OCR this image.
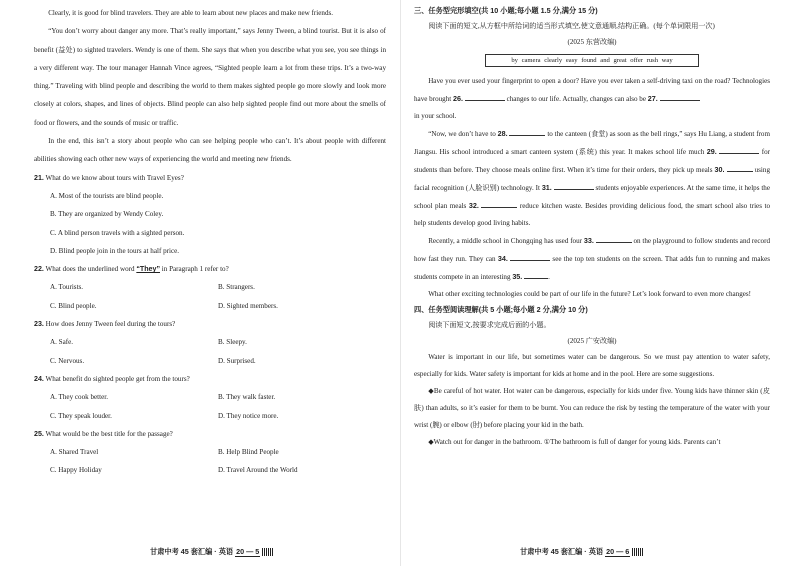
Clearly, it is good for blind travelers. They are able to learn about new places and make new friends.

“You don’t worry about danger any more. That’s really important,” says Jenny Tween, a blind tourist. But it is also of benefit (益处) to sighted travelers. Wendy is one of them. She says that when you describe what you see, you see things in a very different way. The tour manager Hannah Vince agrees, “Sighted people learn a lot from these trips. It’s a two-way thing.” Traveling with blind people and describing the world to them makes sighted people go more slowly and look more closely at colors, shapes, and lines of objects. Blind people can also help sighted people find out more about the smells of food or flowers, and the sounds of music or traffic.

In the end, this isn’t a story about people who can see helping people who can’t. It’s about people with different abilities showing each other new ways of experiencing the world and meeting new friends.

21. What do we know about tours with Travel Eyes?

A. Most of the tourists are blind people.

B. They are organized by Wendy Coley.

C. A blind person travels with a sighted person.

D. Blind people join in the tours at half price.

22. What does the underlined word “They” in Paragraph 1 refer to?

A. Tourists.	B. Strangers.
C. Blind people.	D. Sighted members.

23. How does Jenny Tween feel during the tours?

A. Safe.	B. Sleepy.
C. Nervous.	D. Surprised.

24. What benefit do sighted people get from the tours?

A. They cook better.	B. They walk faster.
C. They speak louder.	D. They notice more.

25. What would be the best title for the passage?

A. Shared Travel	B. Help Blind People
C. Happy Holiday	D. Travel Around the World
甘肃中考 45 套汇编 · 英语 20 — 5

三、任务型完形填空(共 10 小题;每小题 1.5 分,满分 15 分)

阅读下面的短文,从方框中所给词的适当形式填空,使文意通顺,结构正确。(每个单词限用一次)

(2025 东营改编)

by camera clearly easy found and great offer rush way

Have you ever used your fingerprint to open a door? Have you ever taken a self-driving taxi on the road? Technologies have brought 26.	changes to our life. Actually, changes can also be 27.

in your school.

“Now, we don’t have to 28.	to the canteen (食堂) as soon as the bell rings,” says Hu Liang, a student from Jiangsu. His school introduced a smart canteen system (系统) this year. It makes school life much 29.	for students than before. They choose meals online first. When it’s time for their orders, they pick up meals 30.	using facial recognition (人脸识别) technology. It 31.	students enjoyable experiences. At the same time, it helps the school plan meals 32.	reduce kitchen waste. Besides providing delicious food, the smart school also tries to help students develop good living habits.

Recently, a middle school in Chongqing has used four 33.	on the playground to follow students and record how fast they run. They can 34.	see the top ten students on the screen. That adds fun to running and makes students compete in an interesting 35.	.

What other exciting technologies could be part of our life in the future? Let’s look forward to even more changes!

四、任务型阅读理解(共 5 小题;每小题 2 分,满分 10 分)

阅读下面短文,按要求完成后面的小题。

(2025 广安改编)

Water is important in our life, but sometimes water can be dangerous. So we must pay attention to water safety, especially for kids. Water safety is important for kids at home and in the pool. Here are some suggestions.

◆Be careful of hot water. Hot water can be dangerous, especially for kids under five. Young kids have thinner skin (皮肤) than adults, so it’s easier for them to be burnt. You can reduce the risk by testing the temperature of the water with your wrist (腕) or elbow (肘) before placing your kid in the bath.

◆Watch out for danger in the bathroom. ①The bathroom is full of danger for young kids. Parents can’t

甘肃中考 45 套汇编 · 英语 20 — 6
